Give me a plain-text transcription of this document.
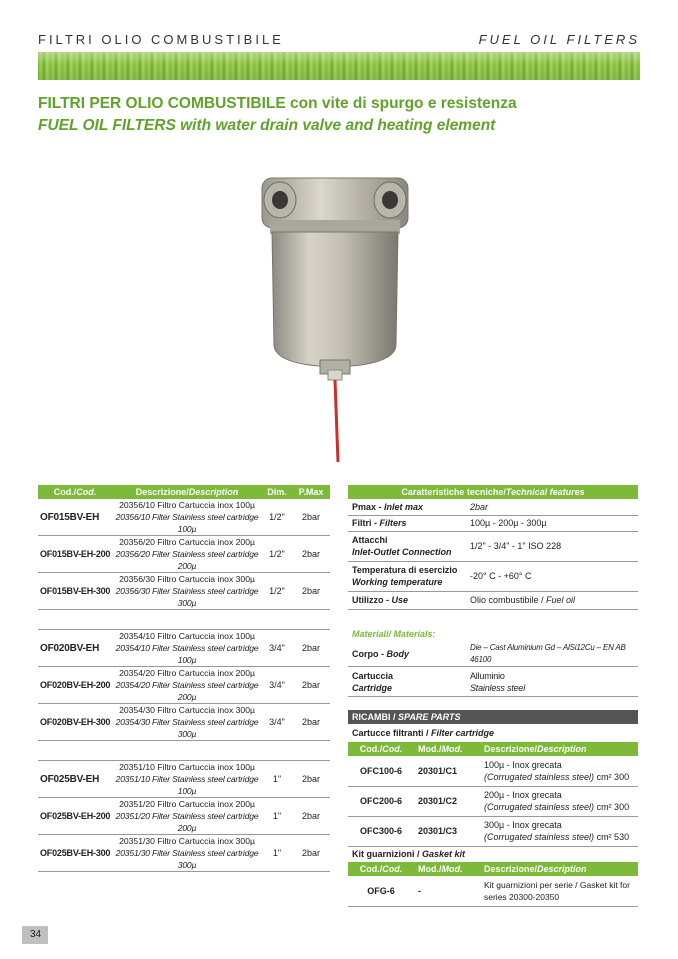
FILTRI OLIO COMBUSTIBILE	FUEL OIL FILTERS
FILTRI PER OLIO COMBUSTIBILE con vite di spurgo e resistenza
FUEL OIL FILTERS with water drain valve and heating element
Cod./Cod.	Descrizione/Description	Dim.	P.Max
OF015BV-EH	20356/10 Filtro Cartuccia inox 100µ
20356/10 Filter Stainless steel cartridge 100µ	1/2"	2bar
OF015BV-EH-200	20356/20 Filtro Cartuccia inox 200µ
20356/20 Filter Stainless steel cartridge 200µ	1/2"	2bar
OF015BV-EH-300	20356/30 Filtro Cartuccia inox 300µ
20356/30 Filter Stainless steel cartridge 300µ	1/2"	2bar

OF020BV-EH	20354/10 Filtro Cartuccia inox 100µ
20354/10 Filter Stainless steel cartridge 100µ	3/4"	2bar
OF020BV-EH-200	20354/20 Filtro Cartuccia inox 200µ
20354/20 Filter Stainless steel cartridge 200µ	3/4"	2bar
OF020BV-EH-300	20354/30 Filtro Cartuccia inox 300µ
20354/30 Filter Stainless steel cartridge 300µ	3/4"	2bar

OF025BV-EH	20351/10 Filtro Cartuccia inox 100µ
20351/10 Filter Stainless steel cartridge 100µ	1"	2bar
OF025BV-EH-200	20351/20 Filtro Cartuccia inox 200µ
20351/20 Filter Stainless steel cartridge 200µ	1"	2bar
OF025BV-EH-300	20351/30 Filtro Cartuccia inox 300µ
20351/30 Filter Stainless steel cartridge 300µ	1"	2bar
Caratteristiche tecniche/Technical features	
Pmax - Inlet max	2bar
Filtri - Filters	100µ - 200µ - 300µ

Attacchi
Inlet-Outlet Connection	1/2" - 3/4" - 1" ISO 228

Temperatura di esercizio
Working temperature	-20° C - +60° C
Utilizzo - Use	Olio combustibile / Fuel oil
Materiali/ Materials:
Corpo - Body	Die – Cast Aluminium Gd – AlSi12Cu – EN AB 46100

Cartuccia
Cartridge	Alluminio
Stainless steel
RICAMBI / SPARE PARTS
Cartucce filtranti / Filter cartridge
Cod./Cod.	Mod./Mod.	Descrizione/Description
OFC100-6	20301/C1	100µ - Inox grecata
(Corrugated stainless steel) cm² 300

OFC200-6	20301/C2	200µ - Inox grecata
(Corrugated stainless steel) cm² 300

OFC300-6	20301/C3	300µ - Inox grecata
(Corrugated stainless steel) cm² 530
Kit guarnizioni / Gasket kit
Cod./Cod.	Mod./Mod.	Descrizione/Description
OFG-6	-	Kit guarnizioni per serie / Gasket kit for series 20300-20350
34
